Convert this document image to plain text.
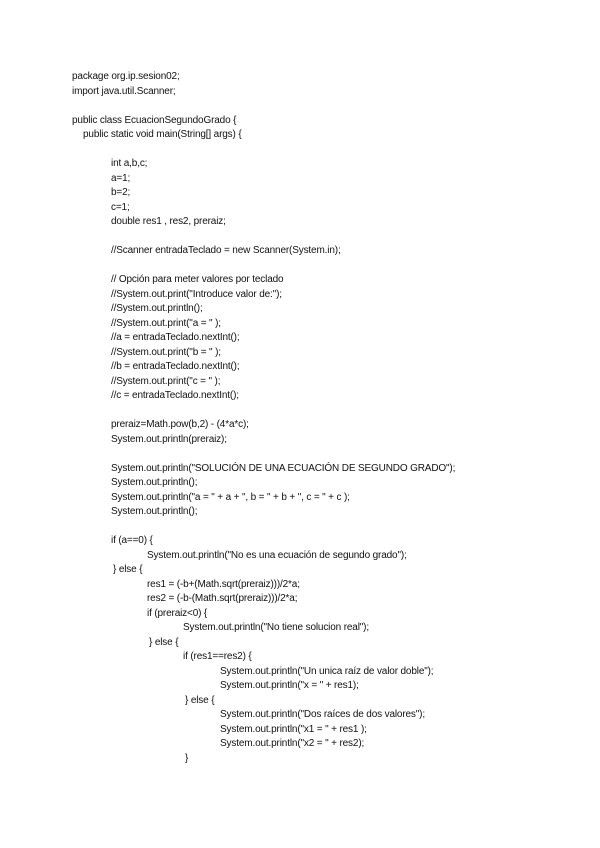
package org.ip.sesion02;
import java.util.Scanner;
public class EcuacionSegundoGrado {
public static void main(String[] args) {
int a,b,c;
a=1;
b=2;
c=1;
double res1 , res2, preraiz;
//Scanner entradaTeclado = new Scanner(System.in);
// Opción para meter valores por teclado
//System.out.print("Introduce valor de:");
//System.out.println();
//System.out.print("a = " );
//a = entradaTeclado.nextInt();
//System.out.print("b = " );
//b = entradaTeclado.nextInt();
//System.out.print("c = " );
//c = entradaTeclado.nextInt();
preraiz=Math.pow(b,2) - (4*a*c);
System.out.println(preraiz);
System.out.println("SOLUCIÓN DE UNA ECUACIÓN DE SEGUNDO GRADO");
System.out.println();
System.out.println("a = " + a + ", b = " + b + ", c = " + c );
System.out.println();
if (a==0) {
System.out.println("No es una ecuación de segundo grado");
} else {
res1 = (-b+(Math.sqrt(preraiz)))/2*a;
res2 = (-b-(Math.sqrt(preraiz)))/2*a;
if (preraiz<0) {
System.out.println("No tiene solucion real");
} else {
if (res1==res2) {
System.out.println("Un unica raíz de valor doble");
System.out.println("x = " + res1);
} else {
System.out.println("Dos raíces de dos valores");
System.out.println("x1 = " + res1 );
System.out.println("x2 = " + res2);
}
